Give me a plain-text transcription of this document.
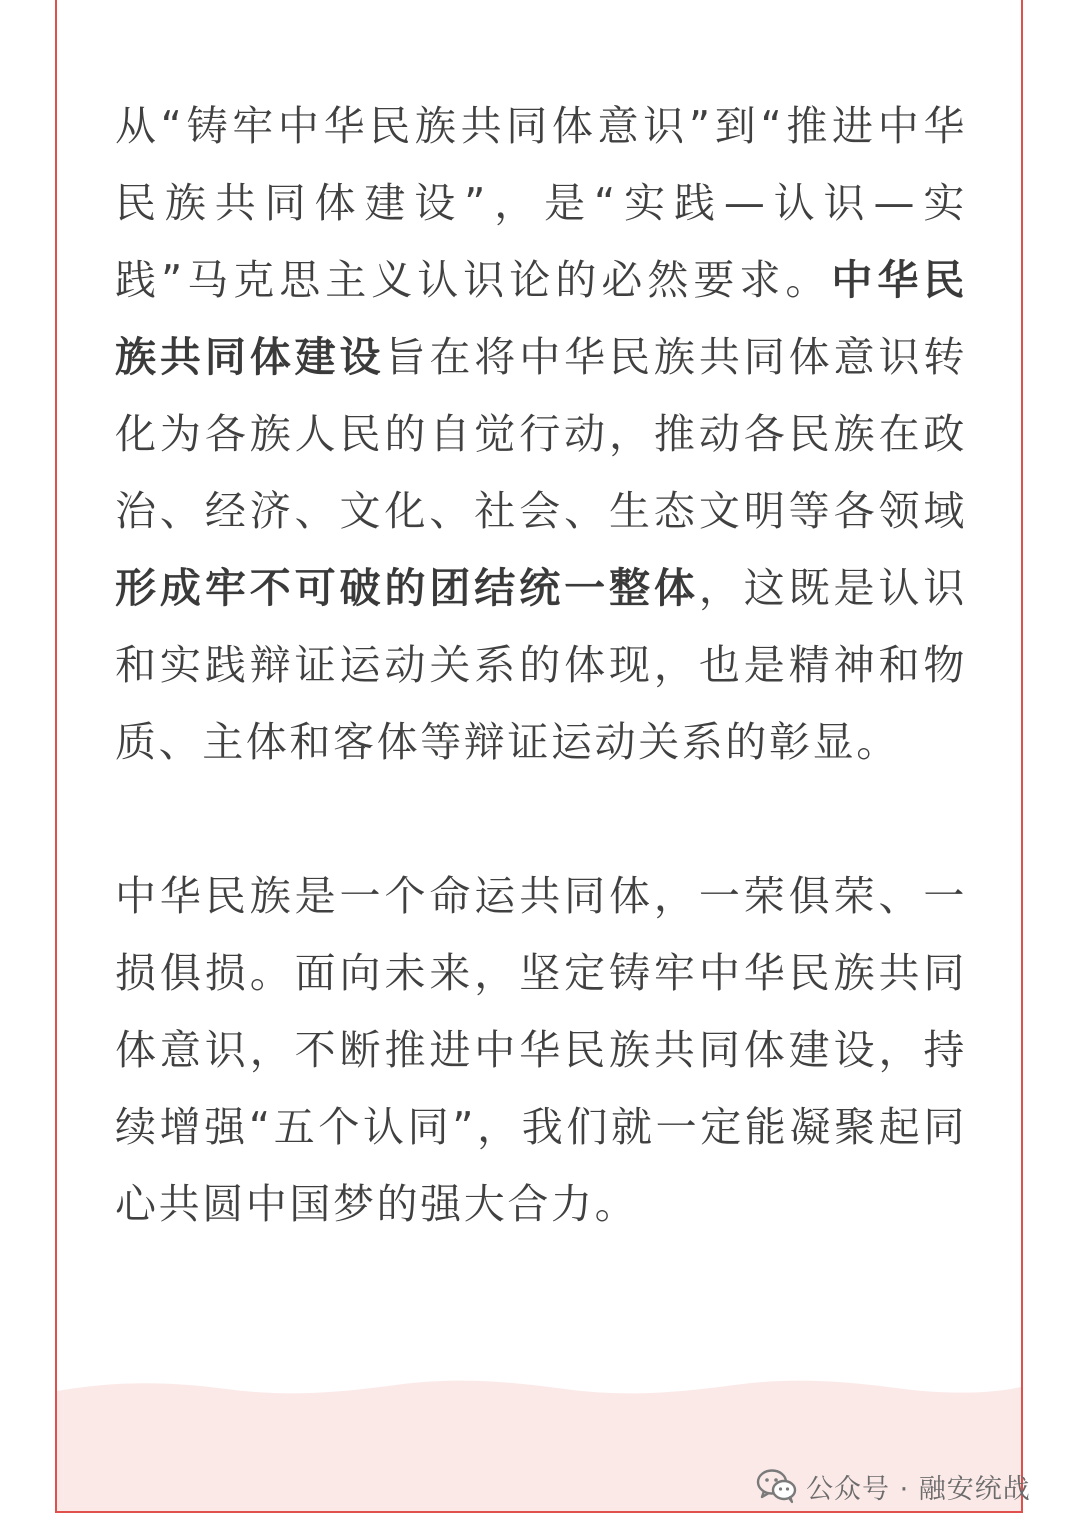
从“铸牢中华民族共同体意识”到“推进中华民族共同体建设”，是“实践—认识—实践”马克思主义认识论的必然要求。中华民族共同体建设旨在将中华民族共同体意识转化为各族人民的自觉行动，推动各民族在政治、经济、文化、社会、生态文明等各领域形成牢不可破的团结统一整体，这既是认识和实践辩证运动关系的体现，也是精神和物质、主体和客体等辩证运动关系的彰显。

中华民族是一个命运共同体，一荣俱荣、一损俱损。面向未来，坚定铸牢中华民族共同体意识，不断推进中华民族共同体建设，持续增强“五个认同”，我们就一定能凝聚起同心共圆中国梦的强大合力。

公众号 · 融安统战
